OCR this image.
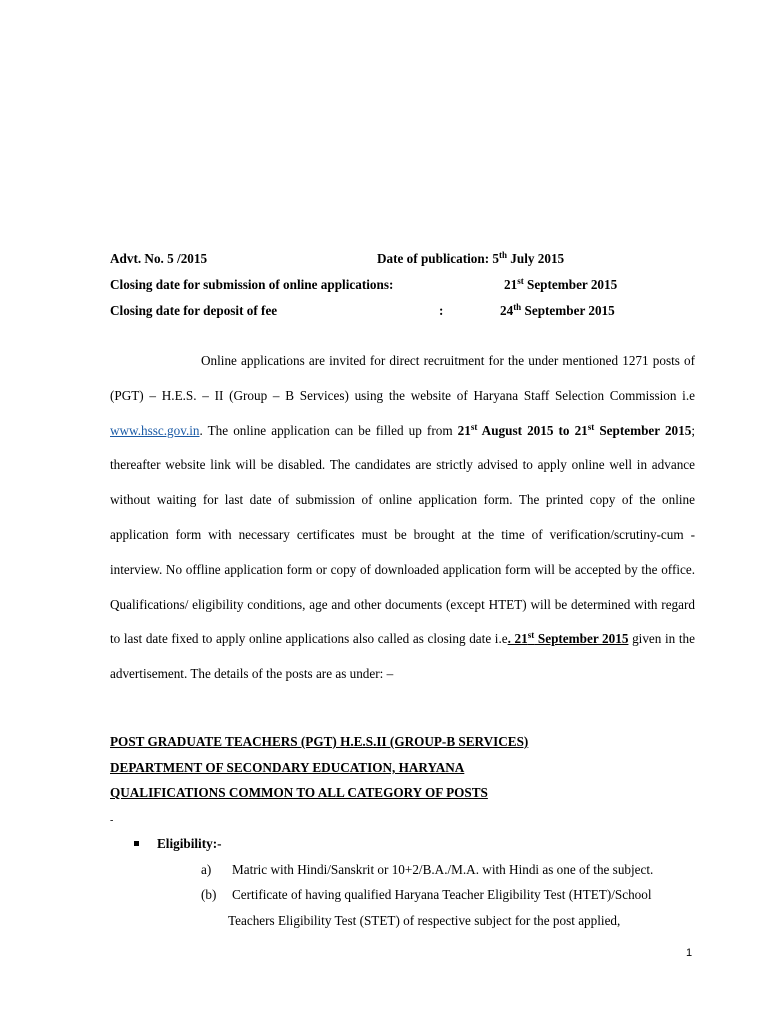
Advt. No. 5 /2015	Date of publication: 5th July 2015
Closing date for submission of online applications:	21st September 2015
Closing date for deposit of fee	:	24th September 2015
Online applications are invited for direct recruitment for the under mentioned 1271 posts of (PGT) – H.E.S. – II (Group – B Services) using the website of Haryana Staff Selection Commission i.e www.hssc.gov.in. The online application can be filled up from 21st August 2015 to 21st September 2015; thereafter website link will be disabled. The candidates are strictly advised to apply online well in advance without waiting for last date of submission of online application form. The printed copy of the online application form with necessary certificates must be brought at the time of verification/scrutiny-cum -interview. No offline application form or copy of downloaded application form will be accepted by the office. Qualifications/ eligibility conditions, age and other documents (except HTET) will be determined with regard to last date fixed to apply online applications also called as closing date i.e. 21st September 2015 given in the advertisement. The details of the posts are as under: –
POST GRADUATE TEACHERS (PGT) H.E.S.II (GROUP-B SERVICES)
DEPARTMENT OF SECONDARY EDUCATION, HARYANA
QUALIFICATIONS COMMON TO ALL CATEGORY OF POSTS
-
Eligibility:-
a) Matric with Hindi/Sanskrit or 10+2/B.A./M.A. with Hindi as one of the subject.
(b) Certificate of having qualified Haryana Teacher Eligibility Test (HTET)/School
Teachers Eligibility Test (STET) of respective subject for the post applied,
1
